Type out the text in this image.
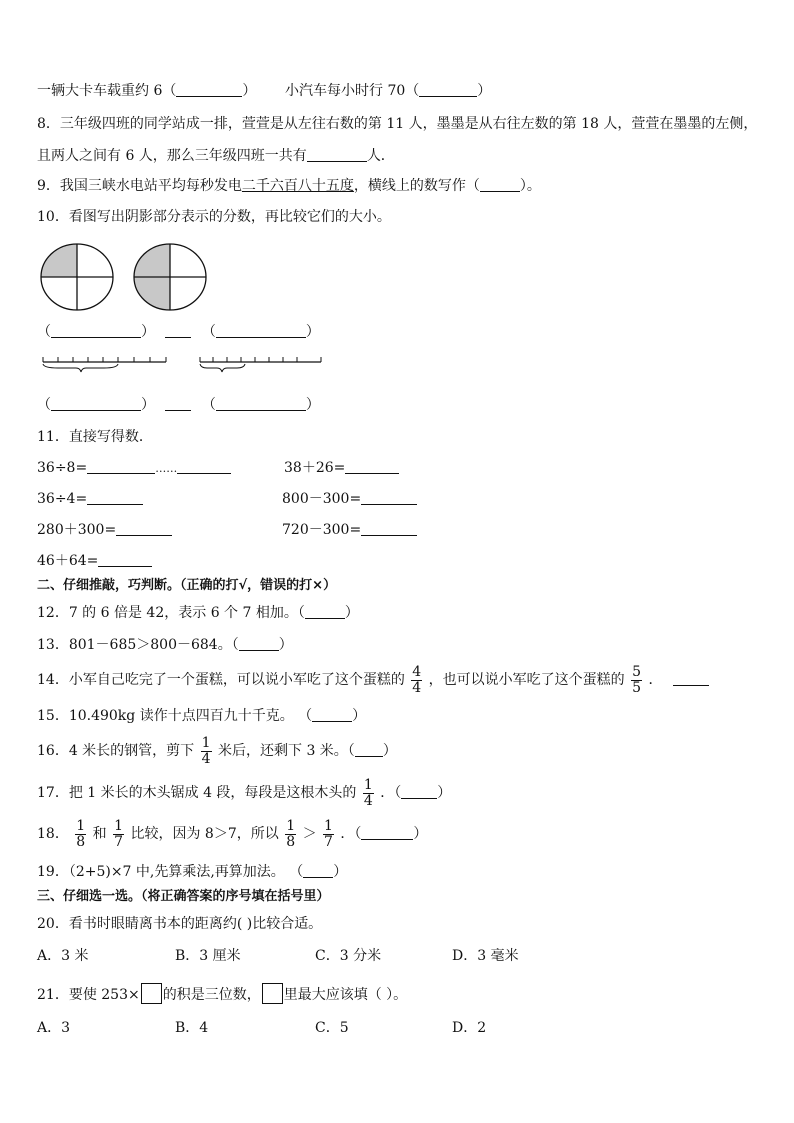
一辆大卡车载重约 6（	） 小汽车每小时行 70（	）
8．三年级四班的同学站成一排，萱萱是从左往右数的第 11 人，墨墨是从右往左数的第 18 人，萱萱在墨墨的左侧，
且两人之间有 6 人，那么三年级四班一共有	人．
9．我国三峡水电站平均每秒发电二千六百八十五度，横线上的数写作（	）。
10．看图写出阴影部分表示的分数，再比较它们的大小。
（	）	（	）
（	）	（	）
11．直接写得数．
36÷8=	……	38＋26=
36÷4=	800－300=
280＋300=	720－300=
46＋64=
二、仔细推敲，巧判断。（正确的打√，错误的打×）
12．7 的 6 倍是 42，表示 6 个 7 相加。（	）
13．801－685＞800－684。（	）
14．小军自己吃完了一个蛋糕，可以说小军吃了这个蛋糕的 $\frac{4}{4}$ ，也可以说小军吃了这个蛋糕的 $\frac{5}{5}$ ．
15．10.490kg 读作十点四百九十千克。 （	）
16．4 米长的钢管，剪下 $\frac{1}{4}$ 米后，还剩下 3 米。（ ）
17．把 1 米长的木头锯成 4 段，每段是这根木头的 $\frac{1}{4}$ ．（	）
18． $\frac{1}{8}$ 和 $\frac{1}{7}$ 比较，因为 8＞7，所以 $\frac{1}{8} > \frac{1}{7}$ ．（	）
19．（2+5)×7 中,先算乘法,再算加法。 （ ）
三、仔细选一选。（将正确答案的序号填在括号里）
20．看书时眼睛离书本的距离约( )比较合适。
A．3 米	B．3 厘米	C．3 分米	D．3 毫米
21．要使 253× 的积是三位数， 里最大应该填（ ）。
A．3	B．4	C．5	D．2
